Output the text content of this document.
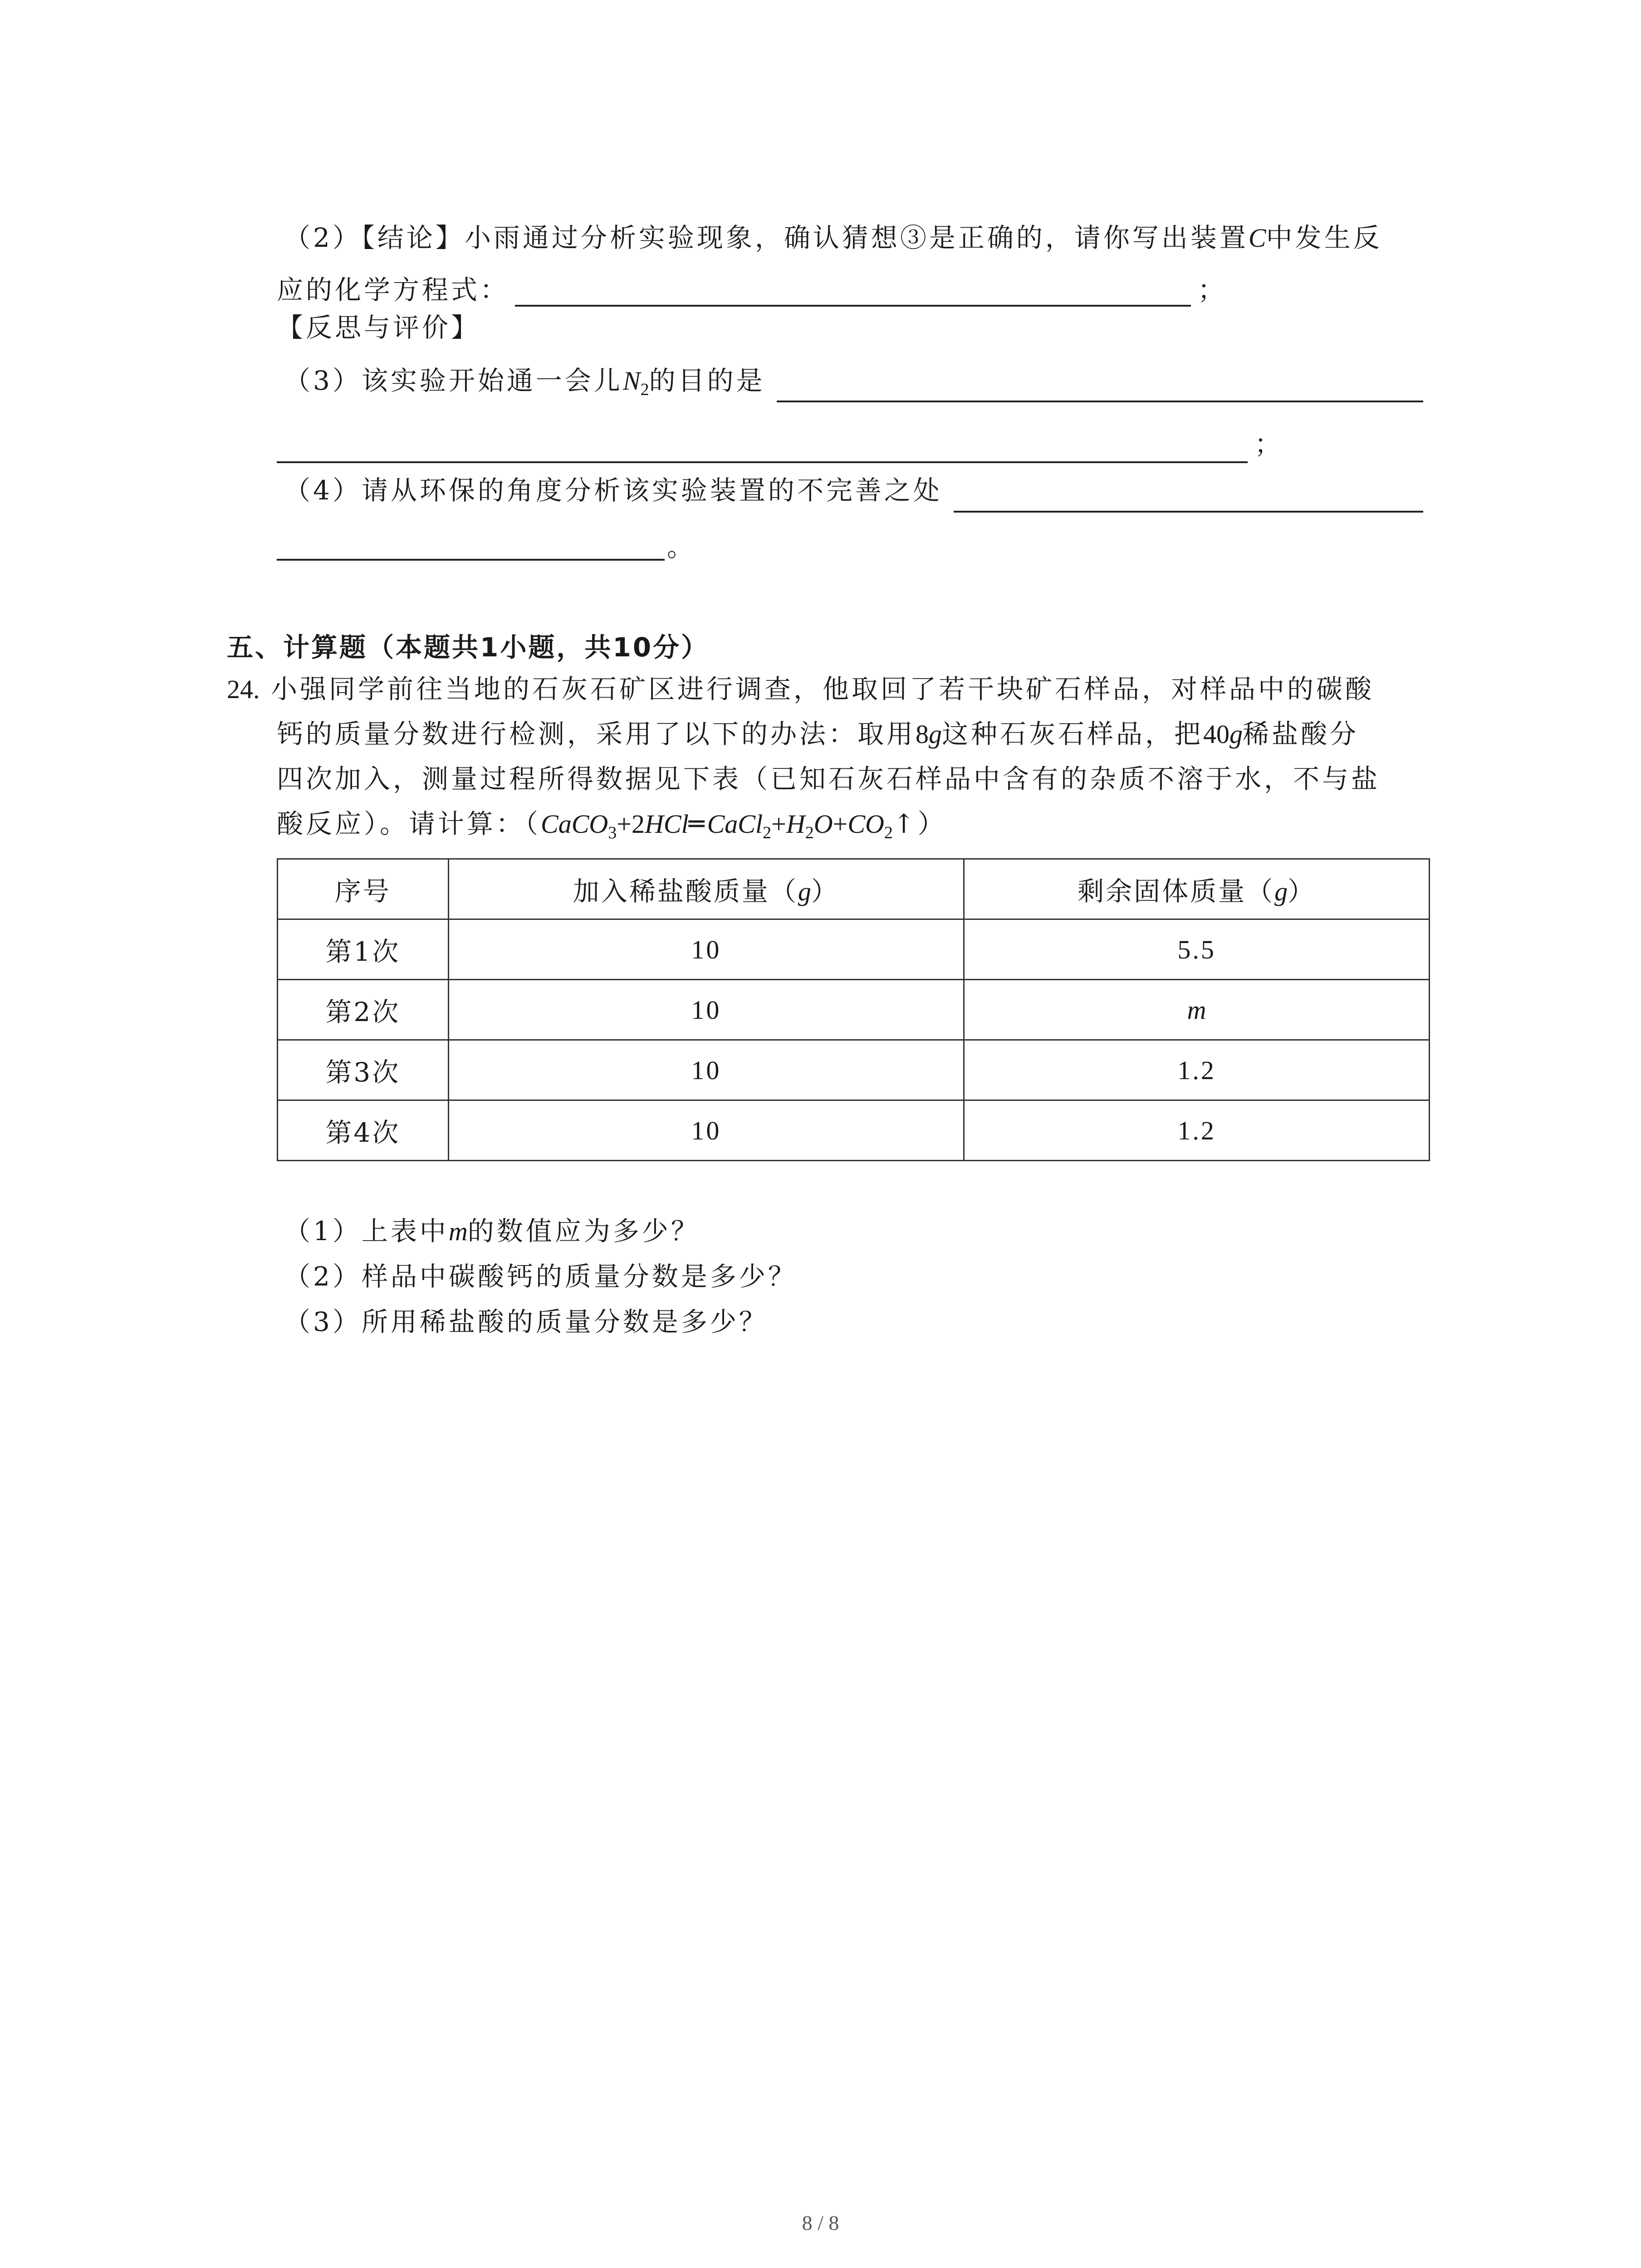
（2）【结论】小雨通过分析实验现象，确认猜想③是正确的，请你写出装置C中发生反
应的化学方程式：	；
【反思与评价】
（3）该实验开始通一会儿$N_2$的目的是
；
（4）请从环保的角度分析该实验装置的不完善之处
。
五、计算题（本题共1小题，共10分）
24. 小强同学前往当地的石灰石矿区进行调查，他取回了若干块矿石样品，对样品中的碳酸
钙的质量分数进行检测，采用了以下的办法：取用8g这种石灰石样品，把40g稀盐酸分
四次加入，测量过程所得数据见下表（已知石灰石样品中含有的杂质不溶于水，不与盐
酸反应）。请计算：$(CaCO_3+2HCl═CaCl_2+H_2O+CO_2↑)$
序号	加入稀盐酸质量（g）	剩余固体质量（g）
第1次	10	5.5
第2次	10	m
第3次	10	1.2
第4次	10	1.2
（1）上表中m的数值应为多少？
（2）样品中碳酸钙的质量分数是多少？
（3）所用稀盐酸的质量分数是多少？
8 / 8
